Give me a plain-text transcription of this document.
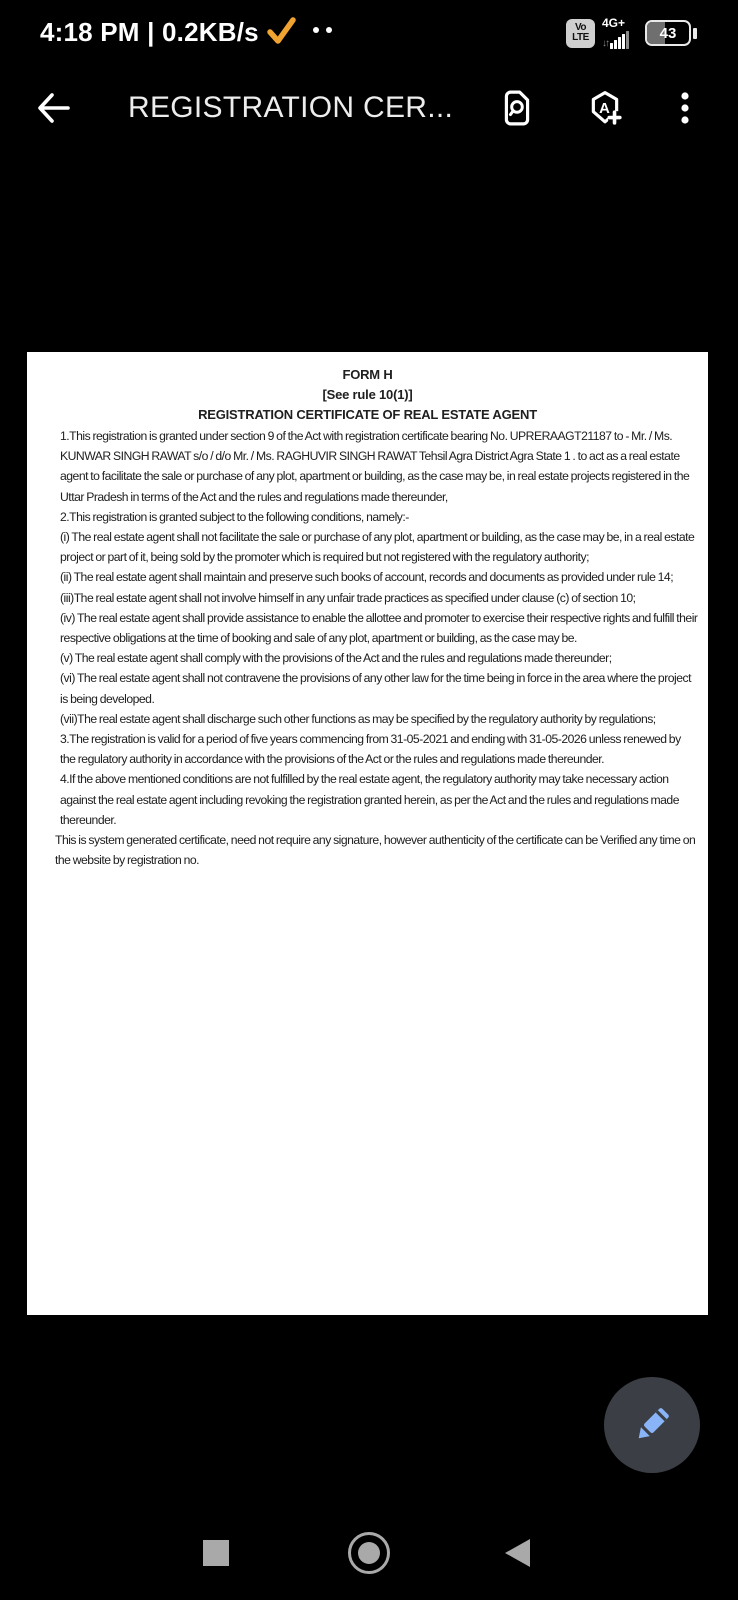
4:18 PM | 0.2KB/s	Vo
LTE
4G+
↓↑
43
REGISTRATION CER...	A
FORM H
[See rule 10(1)]
REGISTRATION CERTIFICATE OF REAL ESTATE AGENT

1.This registration is granted under section 9 of the Act with registration certificate bearing No. UPRERAAGT21187 to - Mr. / Ms. KUNWAR SINGH RAWAT s/o / d/o Mr. / Ms. RAGHUVIR SINGH RAWAT Tehsil Agra District Agra State 1 . to act as a real estate agent to facilitate the sale or purchase of any plot, apartment or building, as the case may be, in real estate projects registered in the Uttar Pradesh in terms of the Act and the rules and regulations made thereunder,

2.This registration is granted subject to the following conditions, namely:-

(i) The real estate agent shall not facilitate the sale or purchase of any plot, apartment or building, as the case may be, in a real estate project or part of it, being sold by the promoter which is required but not registered with the regulatory authority;

(ii) The real estate agent shall maintain and preserve such books of account, records and documents as provided under rule 14;

(iii)The real estate agent shall not involve himself in any unfair trade practices as specified under clause (c) of section 10;

(iv) The real estate agent shall provide assistance to enable the allottee and promoter to exercise their respective rights and fulfill their respective obligations at the time of booking and sale of any plot, apartment or building, as the case may be.

(v) The real estate agent shall comply with the provisions of the Act and the rules and regulations made thereunder;

(vi) The real estate agent shall not contravene the provisions of any other law for the time being in force in the area where the project is being developed.

(vii)The real estate agent shall discharge such other functions as may be specified by the regulatory authority by regulations;

3.The registration is valid for a period of five years commencing from 31-05-2021 and ending with 31-05-2026 unless renewed by the regulatory authority in accordance with the provisions of the Act or the rules and regulations made thereunder.

4.If the above mentioned conditions are not fulfilled by the real estate agent, the regulatory authority may take necessary action against the real estate agent including revoking the registration granted herein, as per the Act and the rules and regulations made thereunder.

This is system generated certificate, need not require any signature, however authenticity of the certificate can be Verified any time on the website by registration no.
